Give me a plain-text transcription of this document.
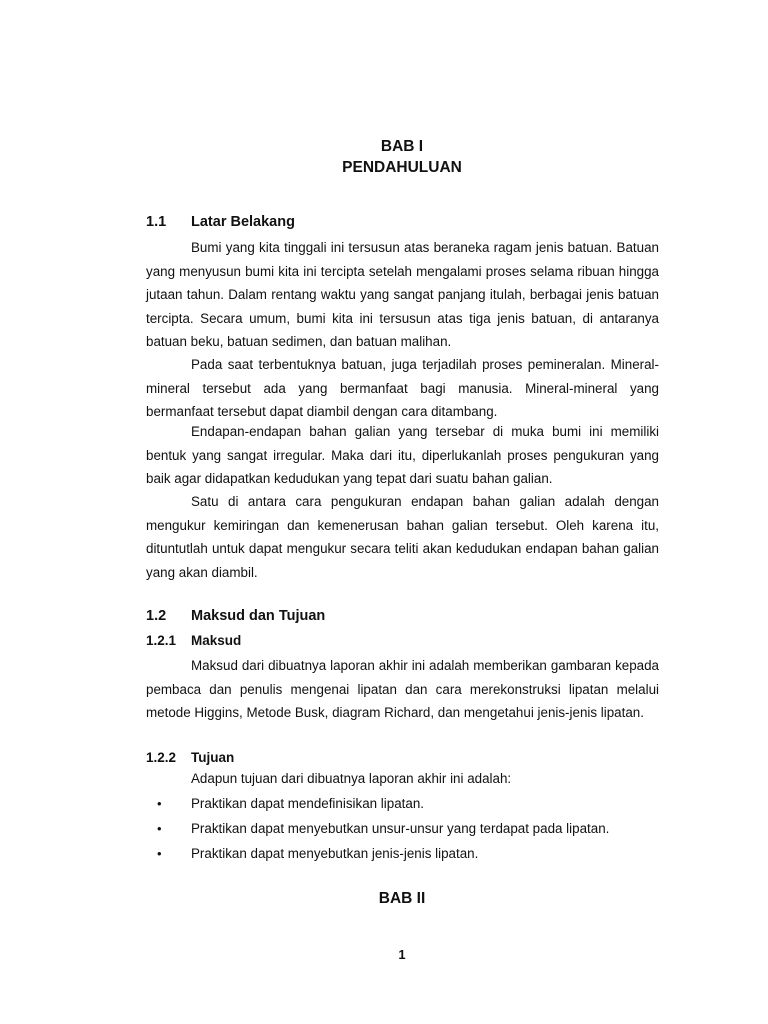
BAB I
PENDAHULUAN
1.1 Latar Belakang

Bumi yang kita tinggali ini tersusun atas beraneka ragam jenis batuan. Batuan yang menyusun bumi kita ini tercipta setelah mengalami proses selama ribuan hingga jutaan tahun. Dalam rentang waktu yang sangat panjang itulah, berbagai jenis batuan tercipta. Secara umum, bumi kita ini tersusun atas tiga jenis batuan, di antaranya batuan beku, batuan sedimen, dan batuan malihan.

Pada saat terbentuknya batuan, juga terjadilah proses pemineralan. Mineral-mineral tersebut ada yang bermanfaat bagi manusia. Mineral-mineral yang bermanfaat tersebut dapat diambil dengan cara ditambang.

Endapan-endapan bahan galian yang tersebar di muka bumi ini memiliki bentuk yang sangat irregular. Maka dari itu, diperlukanlah proses pengukuran yang baik agar didapatkan kedudukan yang tepat dari suatu bahan galian.

Satu di antara cara pengukuran endapan bahan galian adalah dengan mengukur kemiringan dan kemenerusan bahan galian tersebut. Oleh karena itu, dituntutlah untuk dapat mengukur secara teliti akan kedudukan endapan bahan galian yang akan diambil.

1.2 Maksud dan Tujuan
1.2.1 Maksud

Maksud dari dibuatnya laporan akhir ini adalah memberikan gambaran kepada pembaca dan penulis mengenai lipatan dan cara merekonstruksi lipatan melalui metode Higgins, Metode Busk, diagram Richard, dan mengetahui jenis-jenis lipatan.

1.2.2 Tujuan

Adapun tujuan dari dibuatnya laporan akhir ini adalah:

• Praktikan dapat mendefinisikan lipatan.
• Praktikan dapat menyebutkan unsur-unsur yang terdapat pada lipatan.
• Praktikan dapat menyebutkan jenis-jenis lipatan.
BAB II
1
